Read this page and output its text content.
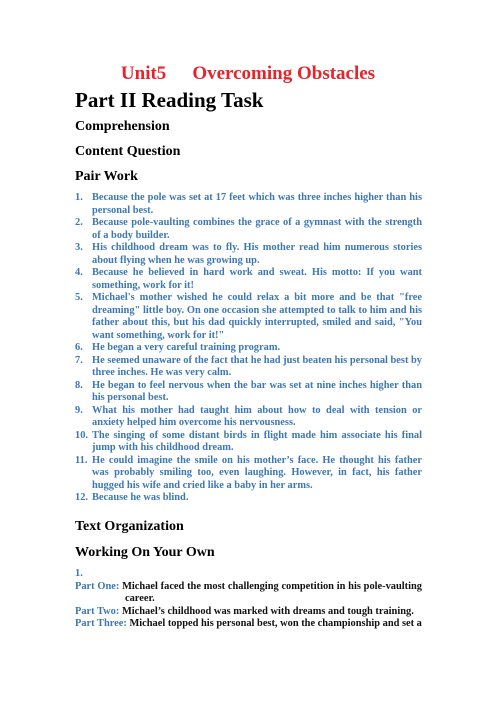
Unit5 Overcoming Obstacles
Part II Reading Task
Comprehension
Content Question
Pair Work
1. Because the pole was set at 17 feet which was three inches higher than his personal best.
2. Because pole-vaulting combines the grace of a gymnast with the strength of a body builder.
3. His childhood dream was to fly. His mother read him numerous stories about flying when he was growing up.
4. Because he believed in hard work and sweat. His motto: If you want something, work for it!
5. Michael's mother wished he could relax a bit more and be that "free dreaming" little boy. On one occasion she attempted to talk to him and his father about this, but his dad quickly interrupted, smiled and said, "You want something, work for it!"
6. He began a very careful training program.
7. He seemed unaware of the fact that he had just beaten his personal best by three inches. He was very calm.
8. He began to feel nervous when the bar was set at nine inches higher than his personal best.
9. What his mother had taught him about how to deal with tension or anxiety helped him overcome his nervousness.
10. The singing of some distant birds in flight made him associate his final jump with his childhood dream.
11. He could imagine the smile on his mother’s face. He thought his father was probably smiling too, even laughing. However, in fact, his father hugged his wife and cried like a baby in her arms.
12. Because he was blind.
Text Organization
Working On Your Own
1.
Part One: Michael faced the most challenging competition in his pole-vaulting career.
Part Two: Michael’s childhood was marked with dreams and tough training.
Part Three: Michael topped his personal best, won the championship and set a
